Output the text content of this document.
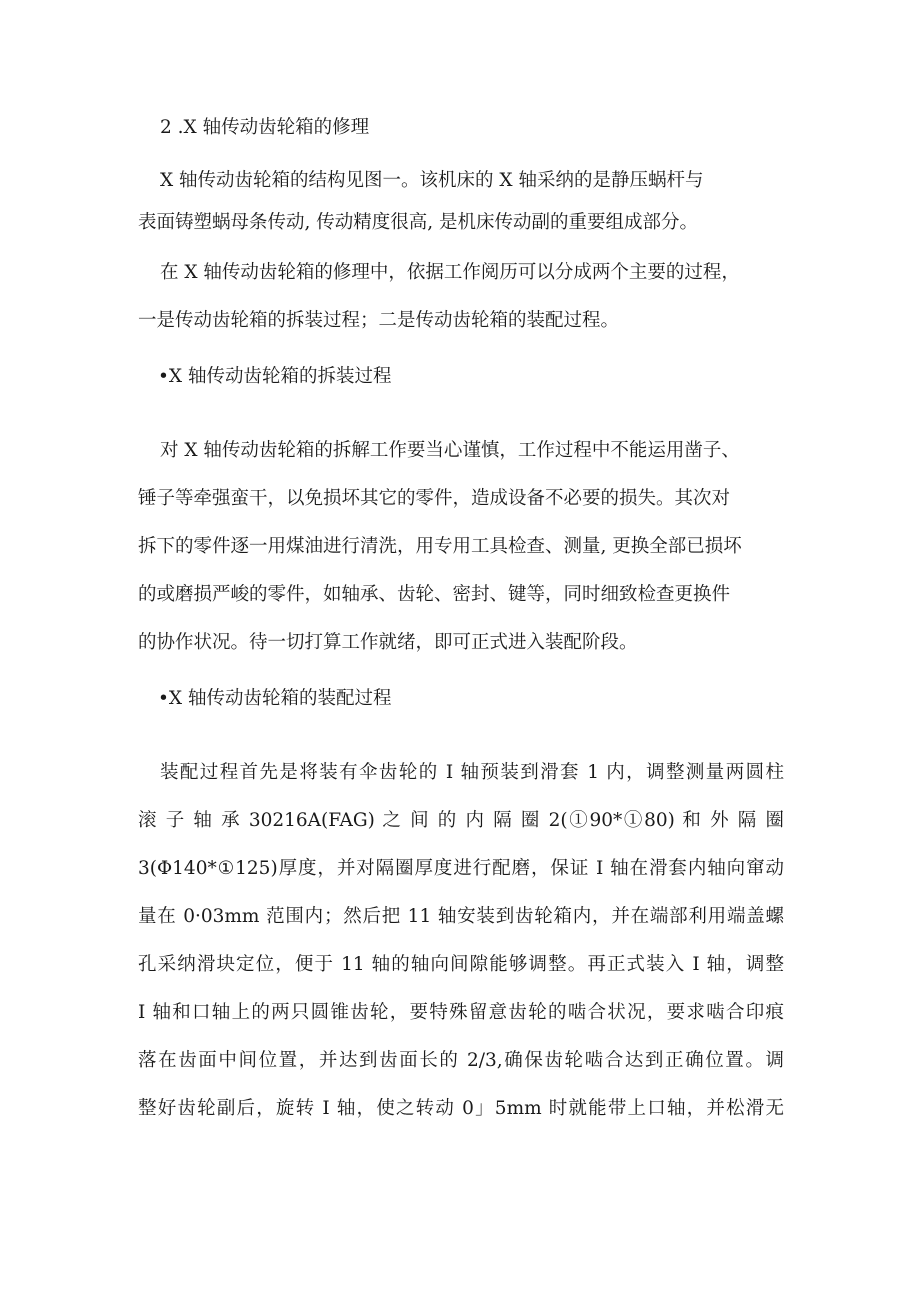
2 .X 轴传动齿轮箱的修理

X 轴传动齿轮箱的结构见图一。该机床的 X 轴采纳的是静压蜗杆与

表面铸塑蜗母条传动, 传动精度很高, 是机床传动副的重要组成部分。

在 X 轴传动齿轮箱的修理中，依据工作阅历可以分成两个主要的过程，

一是传动齿轮箱的拆装过程；二是传动齿轮箱的装配过程。

•X 轴传动齿轮箱的拆装过程

对 X 轴传动齿轮箱的拆解工作要当心谨慎，工作过程中不能运用凿子、

锤子等牵强蛮干，以免损坏其它的零件，造成设备不必要的损失。其次对

拆下的零件逐一用煤油进行清洗，用专用工具检查、测量, 更换全部已损坏

的或磨损严峻的零件，如轴承、齿轮、密封、键等，同时细致检查更换件

的协作状况。待一切打算工作就绪，即可正式进入装配阶段。

•X 轴传动齿轮箱的装配过程

装配过程首先是将装有伞齿轮的 I 轴预装到滑套 1 内，调整测量两圆柱

滚 子 轴 承 30216A(FAG) 之 间 的 内 隔 圈 2(①90*①80) 和 外 隔 圈

3(Φ140*①125)厚度，并对隔圈厚度进行配磨，保证 I 轴在滑套内轴向窜动

量在 0·03mm 范围内；然后把 11 轴安装到齿轮箱内，并在端部利用端盖螺

孔采纳滑块定位，便于 11 轴的轴向间隙能够调整。再正式装入 I 轴，调整

I 轴和口轴上的两只圆锥齿轮，要特殊留意齿轮的啮合状况，要求啮合印痕

落在齿面中间位置，并达到齿面长的 2/3,确保齿轮啮合达到正确位置。调

整好齿轮副后，旋转 I 轴，使之转动 0」5mm 时就能带上口轴，并松滑无
